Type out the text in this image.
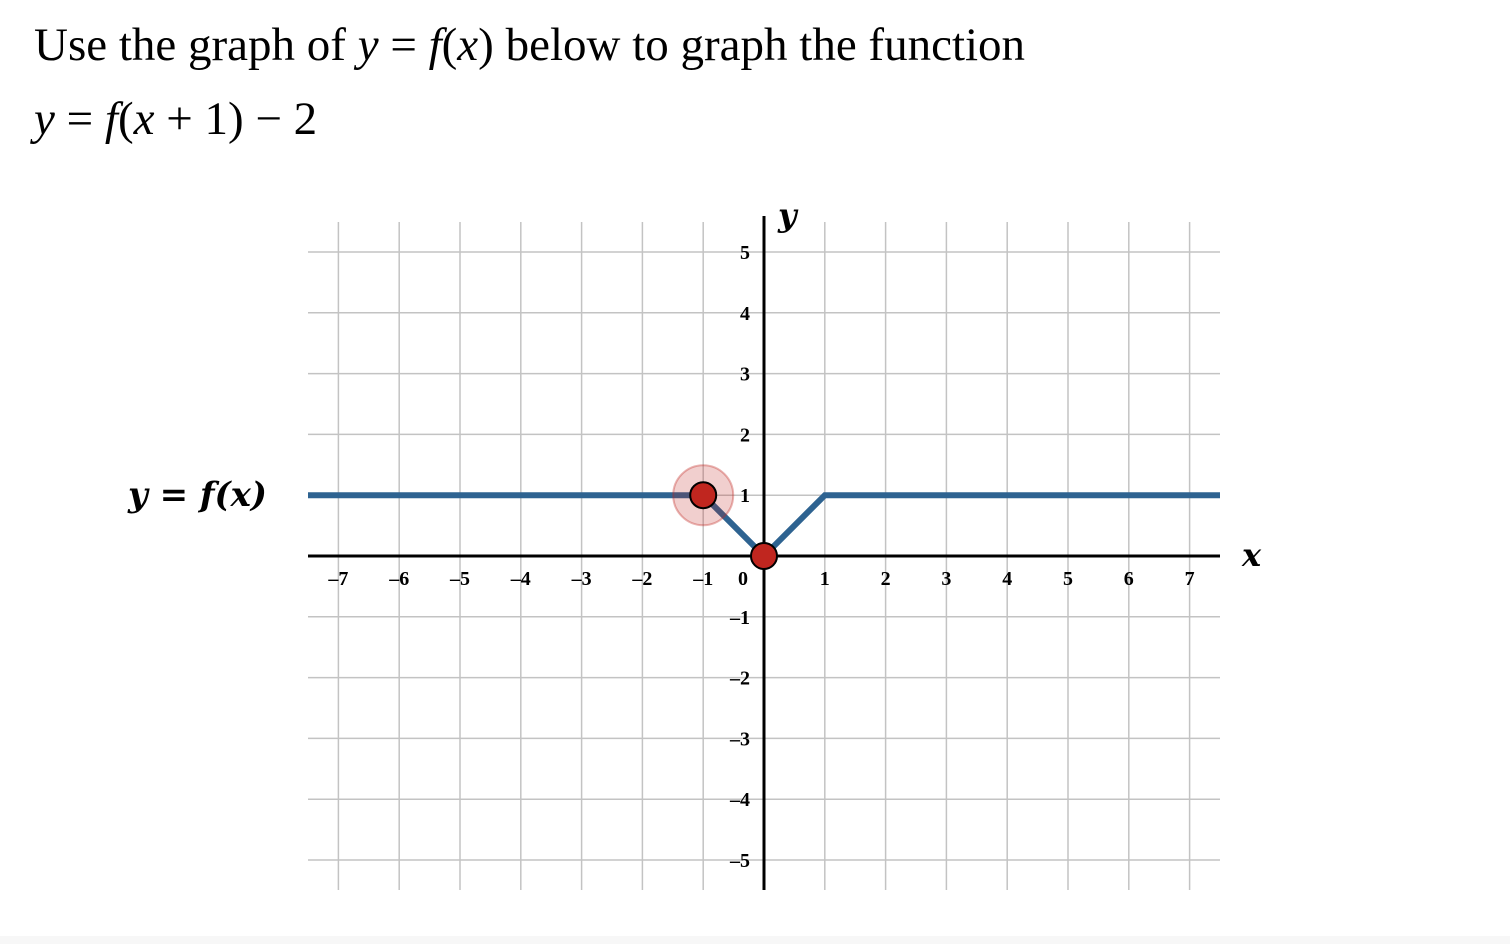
Use the graph of y = f(x) below to graph the function
y = f(x + 1) − 2
x
y
0
–7 –6 –5 –4 –3 –2 –1	1	2	3	4	5	6	7
–5
–4
–3
–2
–1
1
2
3
4
5
y = f(x)
